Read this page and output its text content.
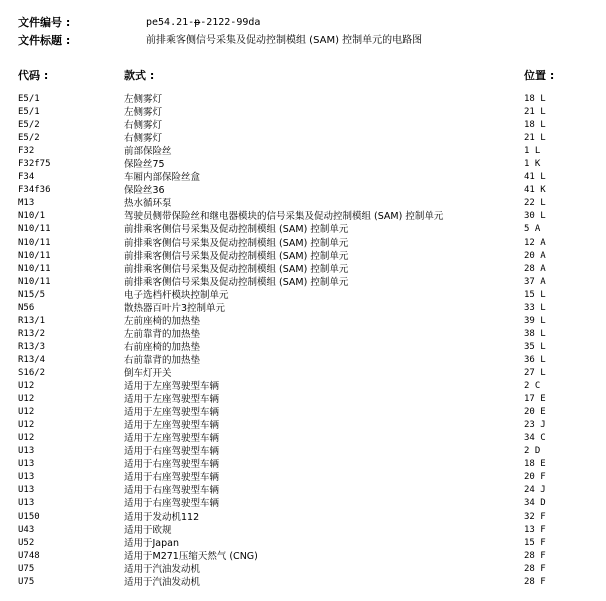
文件编号 :	pe54.21-p-2122-99da
文件标题 :	前排乘客侧信号采集及促动控制模组 (SAM) 控制单元的电路图
代码 :	款式 :	位置 :
E5/1	左侧雾灯	18 L
E5/1	左侧雾灯	21 L
E5/2	右侧雾灯	18 L
E5/2	右侧雾灯	21 L
F32	前部保险丝	1 L
F32f75	保险丝75	1 K
F34	车厢内部保险丝盒	41 L
F34f36	保险丝36	41 K
M13	热水循环泵	22 L
N10/1	驾驶员侧带保险丝和继电器模块的信号采集及促动控制模组 (SAM) 控制单元	30 L
N10/11	前排乘客侧信号采集及促动控制模组 (SAM) 控制单元	5 A
N10/11	前排乘客侧信号采集及促动控制模组 (SAM) 控制单元	12 A
N10/11	前排乘客侧信号采集及促动控制模组 (SAM) 控制单元	20 A
N10/11	前排乘客侧信号采集及促动控制模组 (SAM) 控制单元	28 A
N10/11	前排乘客侧信号采集及促动控制模组 (SAM) 控制单元	37 A
N15/5	电子选档杆模块控制单元	15 L
N56	散热器百叶片3控制单元	33 L
R13/1	左前座椅的加热垫	39 L
R13/2	左前靠背的加热垫	38 L
R13/3	右前座椅的加热垫	35 L
R13/4	右前靠背的加热垫	36 L
S16/2	倒车灯开关	27 L
U12	适用于左座驾驶型车辆	2 C
U12	适用于左座驾驶型车辆	17 E
U12	适用于左座驾驶型车辆	20 E
U12	适用于左座驾驶型车辆	23 J
U12	适用于左座驾驶型车辆	34 C
U13	适用于右座驾驶型车辆	2 D
U13	适用于右座驾驶型车辆	18 E
U13	适用于右座驾驶型车辆	20 F
U13	适用于右座驾驶型车辆	24 J
U13	适用于右座驾驶型车辆	34 D
U150	适用于发动机112	32 F
U43	适用于欧规	13 F
U52	适用于Japan	15 F
U748	适用于M271压缩天然气 (CNG)	28 F
U75	适用于汽油发动机	28 F
U75	适用于汽油发动机	28 F
